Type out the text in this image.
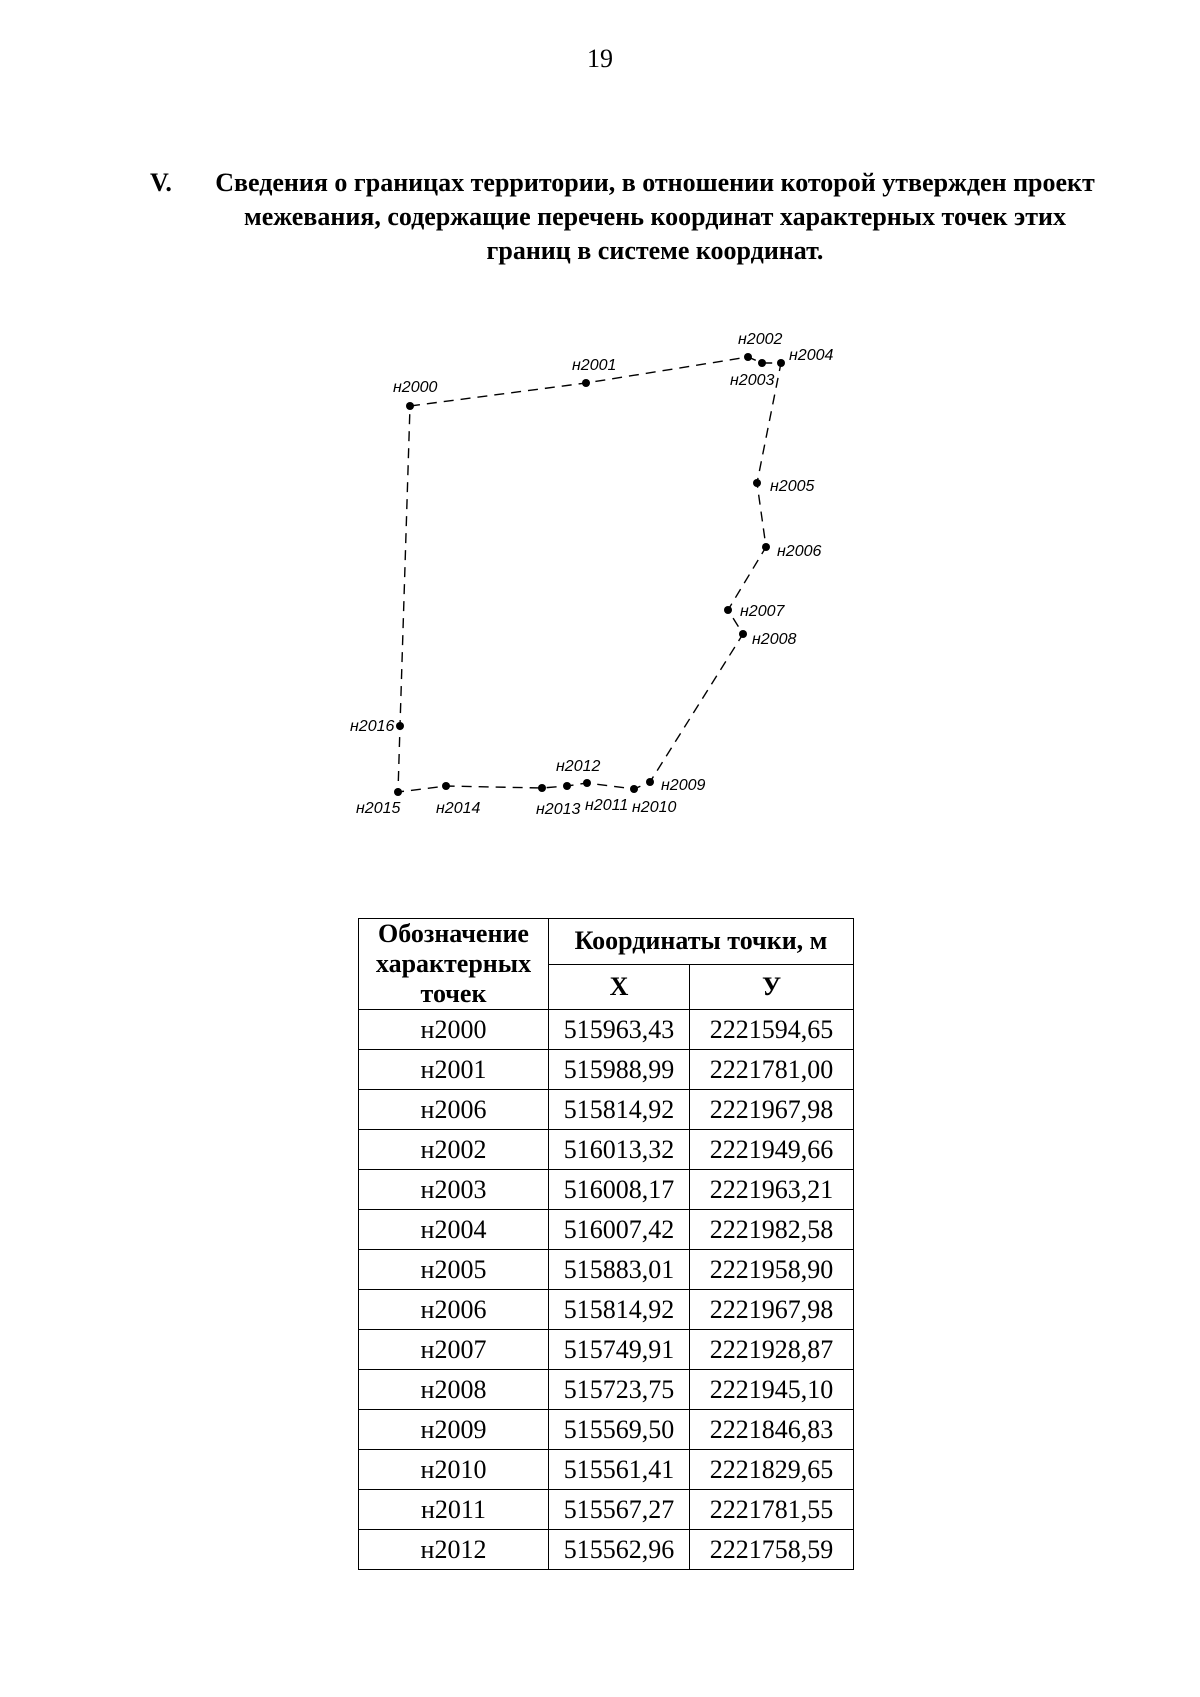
19
V. Сведения о границах территории, в отношении которой утвержден проект межевания, содержащие перечень координат характерных точек этих границ в системе координат.
н2000
н2001
н2002
н2003
н2004
н2005
н2006
н2007
н2008
н2009
н2010
н2011
н2012
н2013
н2014
н2015
н2016
Обозначение характерных точек	Координаты точки, м	
	Х	У
н2000	515963,43	2221594,65
н2001	515988,99	2221781,00
н2006	515814,92	2221967,98
н2002	516013,32	2221949,66
н2003	516008,17	2221963,21
н2004	516007,42	2221982,58
н2005	515883,01	2221958,90
н2006	515814,92	2221967,98
н2007	515749,91	2221928,87
н2008	515723,75	2221945,10
н2009	515569,50	2221846,83
н2010	515561,41	2221829,65
н2011	515567,27	2221781,55
н2012	515562,96	2221758,59
